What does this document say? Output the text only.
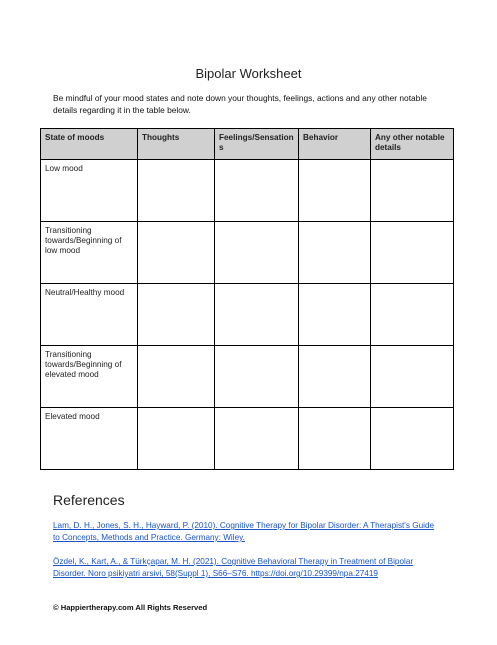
Bipolar Worksheet
Be mindful of your mood states and note down your thoughts, feelings, actions and any other notable details regarding it in the table below.
State of moods	Thoughts	Feelings/Sensations	Behavior	Any other notable details
Low mood				
Transitioning towards/Beginning of low mood				
Neutral/Healthy mood				
Transitioning towards/Beginning of elevated mood				
Elevated mood				
References
Lam, D. H., Jones, S. H., Hayward, P. (2010). Cognitive Therapy for Bipolar Disorder: A Therapist's Guide to Concepts, Methods and Practice. Germany: Wiley.
Özdel, K., Kart, A., & Türkçapar, M. H. (2021). Cognitive Behavioral Therapy in Treatment of Bipolar Disorder. Noro psikiyatri arsivi, 58(Suppl 1), S66–S76. https://doi.org/10.29399/npa.27419
© Happiertherapy.com All Rights Reserved
